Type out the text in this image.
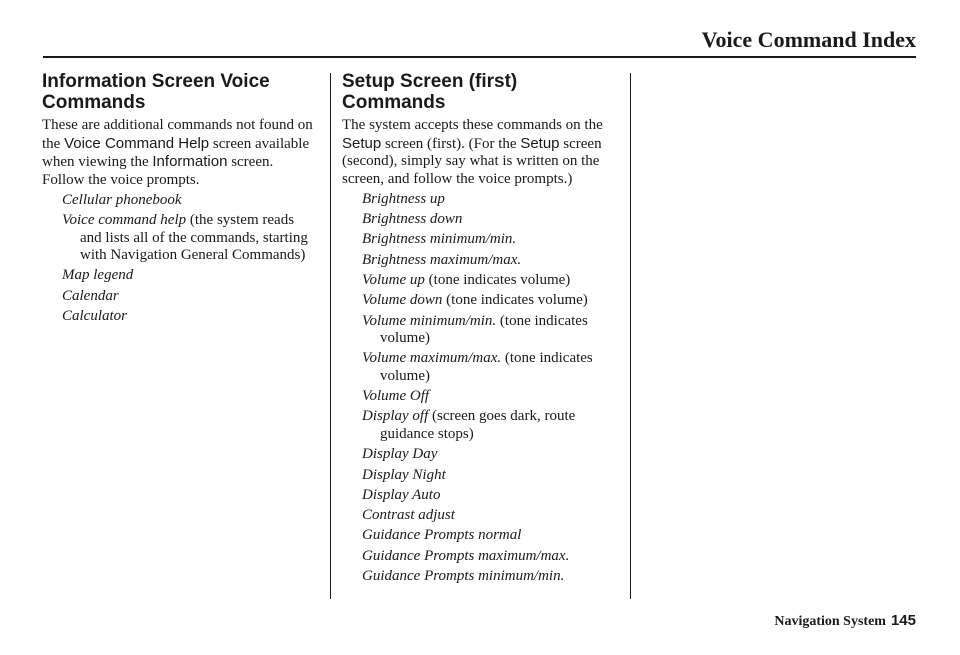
Voice Command Index
Information Screen Voice Commands

These are additional commands not found on the Voice Command Help screen available when viewing the Information screen. Follow the voice prompts.

Cellular phonebook
Voice command help (the system reads and lists all of the commands, starting with Navigation General Commands)
Map legend
Calendar
Calculator
Setup Screen (first) Commands

The system accepts these commands on the Setup screen (first). (For the Setup screen (second), simply say what is written on the screen, and follow the voice prompts.)

Brightness up
Brightness down
Brightness minimum/min.
Brightness maximum/max.
Volume up (tone indicates volume)
Volume down (tone indicates volume)
Volume minimum/min. (tone indicates volume)
Volume maximum/max. (tone indicates volume)
Volume Off
Display off (screen goes dark, route guidance stops)
Display Day
Display Night
Display Auto
Contrast adjust
Guidance Prompts normal
Guidance Prompts maximum/max.
Guidance Prompts minimum/min.
Navigation System 145
